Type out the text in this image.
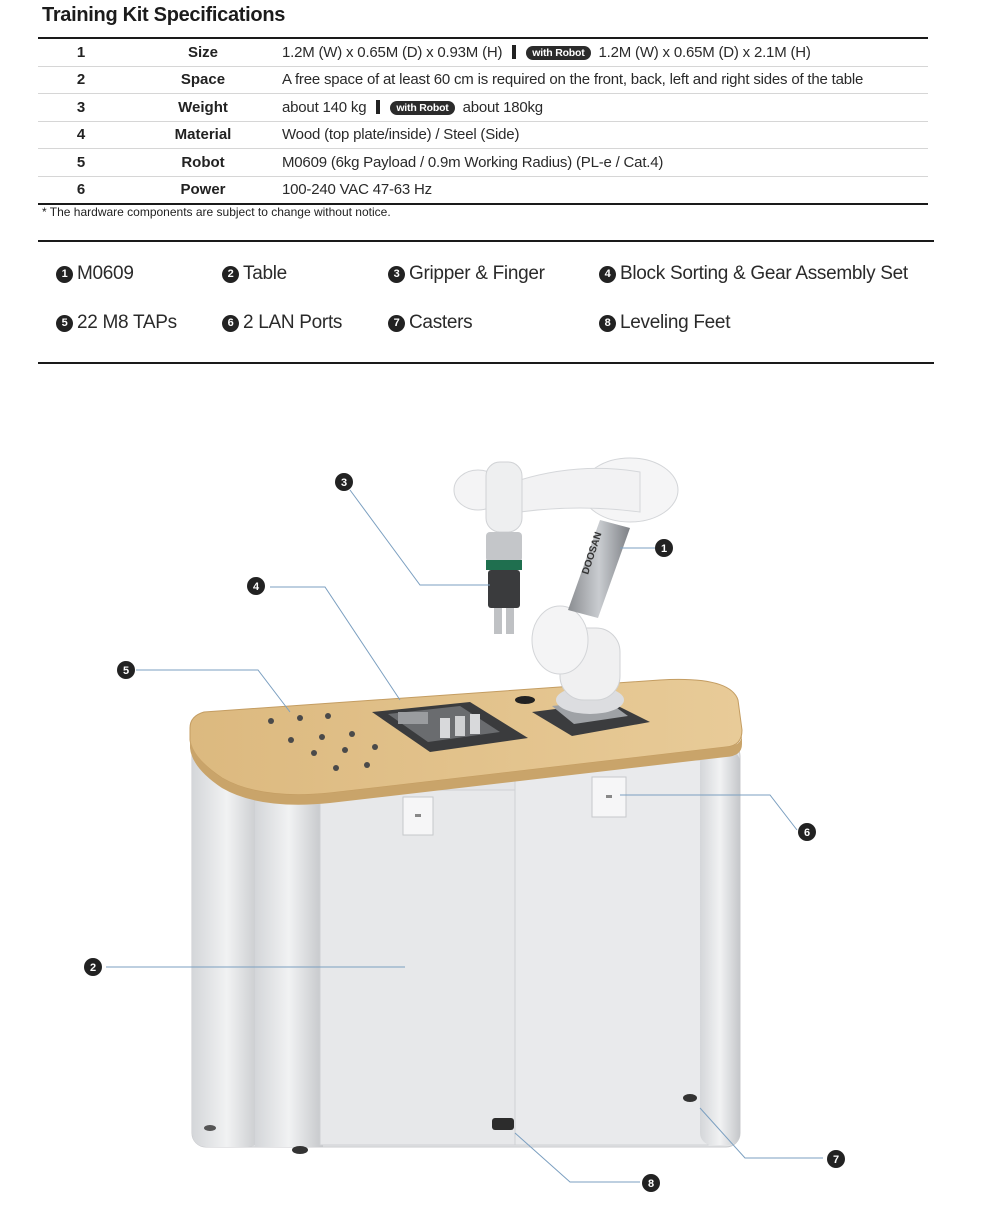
Training Kit Specifications
1	Size	1.2M (W) x 0.65M (D) x 0.93M (H) with Robot 1.2M (W) x 0.65M (D) x 2.1M (H)
2	Space	A free space of at least 60 cm is required on the front, back, left and right sides of the table
3	Weight	about 140 kg with Robot about 180kg
4	Material	Wood (top plate/inside) / Steel (Side)
5	Robot	M0609 (6kg Payload / 0.9m Working Radius) (PL-e / Cat.4)
6	Power	100-240 VAC 47-63 Hz
* The hardware components are subject to change without notice.
1 M0609	2 Table	3 Gripper & Finger	4 Block Sorting & Gear Assembly Set
5 22 M8 TAPs	6 2 LAN Ports	7 Casters	8 Leveling Feet
DOOSAN
3
4
5
1
6
2
7
8
